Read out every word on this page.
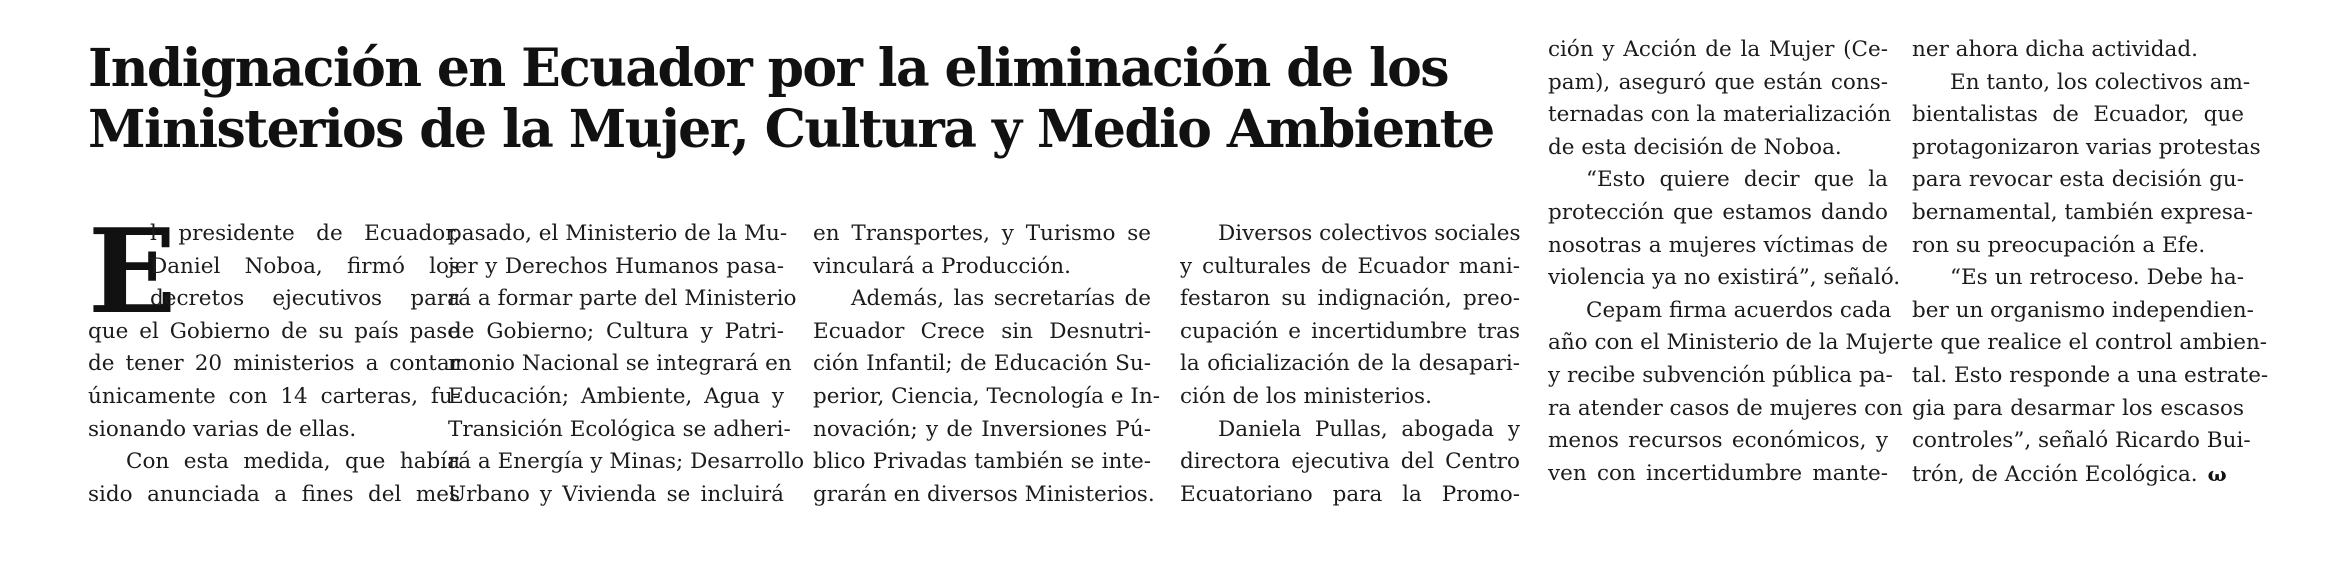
Indignación en Ecuador por la eliminación de los
Ministerios de la Mujer, Cultura y Medio Ambiente
E
l presidente de Ecuador,
Daniel Noboa, firmó los
decretos ejecutivos para
que el Gobierno de su país pase
de tener 20 ministerios a contar
únicamente con 14 carteras, fu-
sionando varias de ellas.
Con esta medida, que había
sido anunciada a fines del mes
pasado, el Ministerio de la Mu-
jer y Derechos Humanos pasa-
rá a formar parte del Ministerio
de Gobierno; Cultura y Patri-
monio Nacional se integrará en
Educación; Ambiente, Agua y
Transición Ecológica se adheri-
rá a Energía y Minas; Desarrollo
Urbano y Vivienda se incluirá
en Transportes, y Turismo se
vinculará a Producción.
Además, las secretarías de
Ecuador Crece sin Desnutri-
ción Infantil; de Educación Su-
perior, Ciencia, Tecnología e In-
novación; y de Inversiones Pú-
blico Privadas también se inte-
grarán en diversos Ministerios.
Diversos colectivos sociales
y culturales de Ecuador mani-
festaron su indignación, preo-
cupación e incertidumbre tras
la oficialización de la desapari-
ción de los ministerios.
Daniela Pullas, abogada y
directora ejecutiva del Centro
Ecuatoriano para la Promo-
ción y Acción de la Mujer (Ce-
pam), aseguró que están cons-
ternadas con la materialización
de esta decisión de Noboa.
“Esto quiere decir que la
protección que estamos dando
nosotras a mujeres víctimas de
violencia ya no existirá”, señaló.
Cepam firma acuerdos cada
año con el Ministerio de la Mujer
y recibe subvención pública pa-
ra atender casos de mujeres con
menos recursos económicos, y
ven con incertidumbre mante-
ner ahora dicha actividad.
En tanto, los colectivos am-
bientalistas de Ecuador, que
protagonizaron varias protestas
para revocar esta decisión gu-
bernamental, también expresa-
ron su preocupación a Efe.
“Es un retroceso. Debe ha-
ber un organismo independien-
te que realice el control ambien-
tal. Esto responde a una estrate-
gia para desarmar los escasos
controles”, señaló Ricardo Bui-
trón, de Acción Ecológica. ω
